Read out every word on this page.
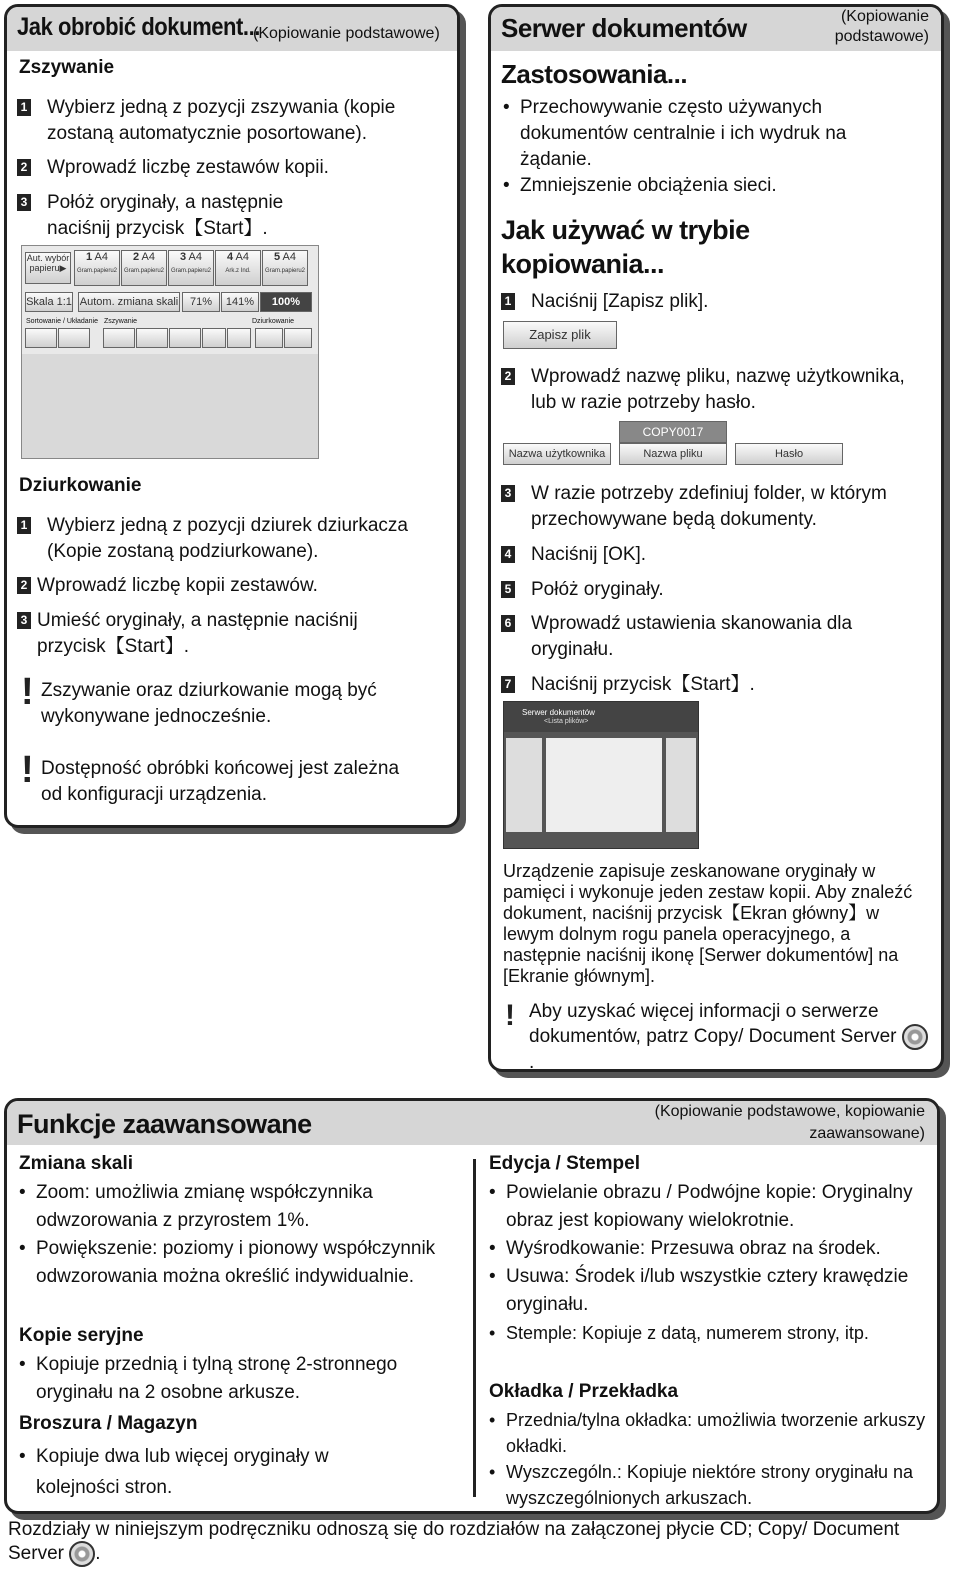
Jak obrobić dokument...
(Kopiowanie podstawowe)
Zszywanie
1 Wybierz jedną z pozycji zszywania (kopie zostaną automatycznie posortowane).
2 Wprowadź liczbę zestawów kopii.
3 Połóż oryginały, a następnie naciśnij przycisk【Start】.
Aut. wybór papieru▶
1 A4
Gram.papieru2
2 A4
Gram.papieru2
3 A4
Gram.papieru2
4 A4
Ark.z Ind.
5 A4
Gram.papieru2
Skala 1:1 Autom. zmiana skali	71%	141%	100%
Sortowanie / Układanie Zszywanie	Dziurkowanie
Dziurkowanie
1 Wybierz jedną z pozycji dziurek dziurkacza (Kopie zostaną podziurkowane).
2 Wprowadź liczbę kopii zestawów.
3 Umieść oryginały, a następnie naciśnij przycisk【Start】.
! Zszywanie oraz dziurkowanie mogą być wykonywane jednocześnie.
! Dostępność obróbki końcowej jest zależna od konfiguracji urządzenia.
Serwer dokumentów	(Kopiowanie podstawowe)
Zastosowania...
• Przechowywanie często używanych dokumentów centralnie i ich wydruk na żądanie.
• Zmniejszenie obciążenia sieci.
Jak używać w trybie kopiowania...
1 Naciśnij [Zapisz plik].
Zapisz plik
2 Wprowadź nazwę pliku, nazwę użytkownika, lub w razie potrzeby hasło.
COPY0017
Nazwa użytkownika	Nazwa pliku	Hasło
3 W razie potrzeby zdefiniuj folder, w którym przechowywane będą dokumenty.
4 Naciśnij [OK].
5 Połóż oryginały.
6 Wprowadź ustawienia skanowania dla oryginału.
7 Naciśnij przycisk【Start】.
Serwer dokumentów
<Lista plików>
Urządzenie zapisuje zeskanowane oryginały w pamięci i wykonuje jeden zestaw kopii. Aby znaleźć dokument, naciśnij przycisk【Ekran główny】w lewym dolnym rogu panela operacyjnego, a następnie naciśnij ikonę [Serwer dokumentów] na [Ekranie głównym].
! Aby uzyskać więcej informacji o serwerze dokumentów, patrz Copy/ Document Server .
Funkcje zaawansowane	(Kopiowanie podstawowe, kopiowanie zaawansowane)
Zmiana skali
• Zoom: umożliwia zmianę współczynnika odwzorowania z przyrostem 1%.
• Powiększenie: poziomy i pionowy współczynnik odwzorowania można określić indywidualnie.
Kopie seryjne
• Kopiuje przednią i tylną stronę 2-stronnego oryginału na 2 osobne arkusze.
Broszura / Magazyn
• Kopiuje dwa lub więcej oryginały w kolejności stron.
Edycja / Stempel
• Powielanie obrazu / Podwójne kopie: Oryginalny obraz jest kopiowany wielokrotnie.
• Wyśrodkowanie: Przesuwa obraz na środek.
• Usuwa: Środek i/lub wszystkie cztery krawędzie oryginału.
• Stemple: Kopiuje z datą, numerem strony, itp.
Okładka / Przekładka
• Przednia/tylna okładka: umożliwia tworzenie arkuszy okładki.
• Wyszczególn.: Kopiuje niektóre strony oryginału na wyszczególnionych arkuszach.
Rozdziały w niniejszym podręczniku odnoszą się do rozdziałów na załączonej płycie CD; Copy/ Document Server .
